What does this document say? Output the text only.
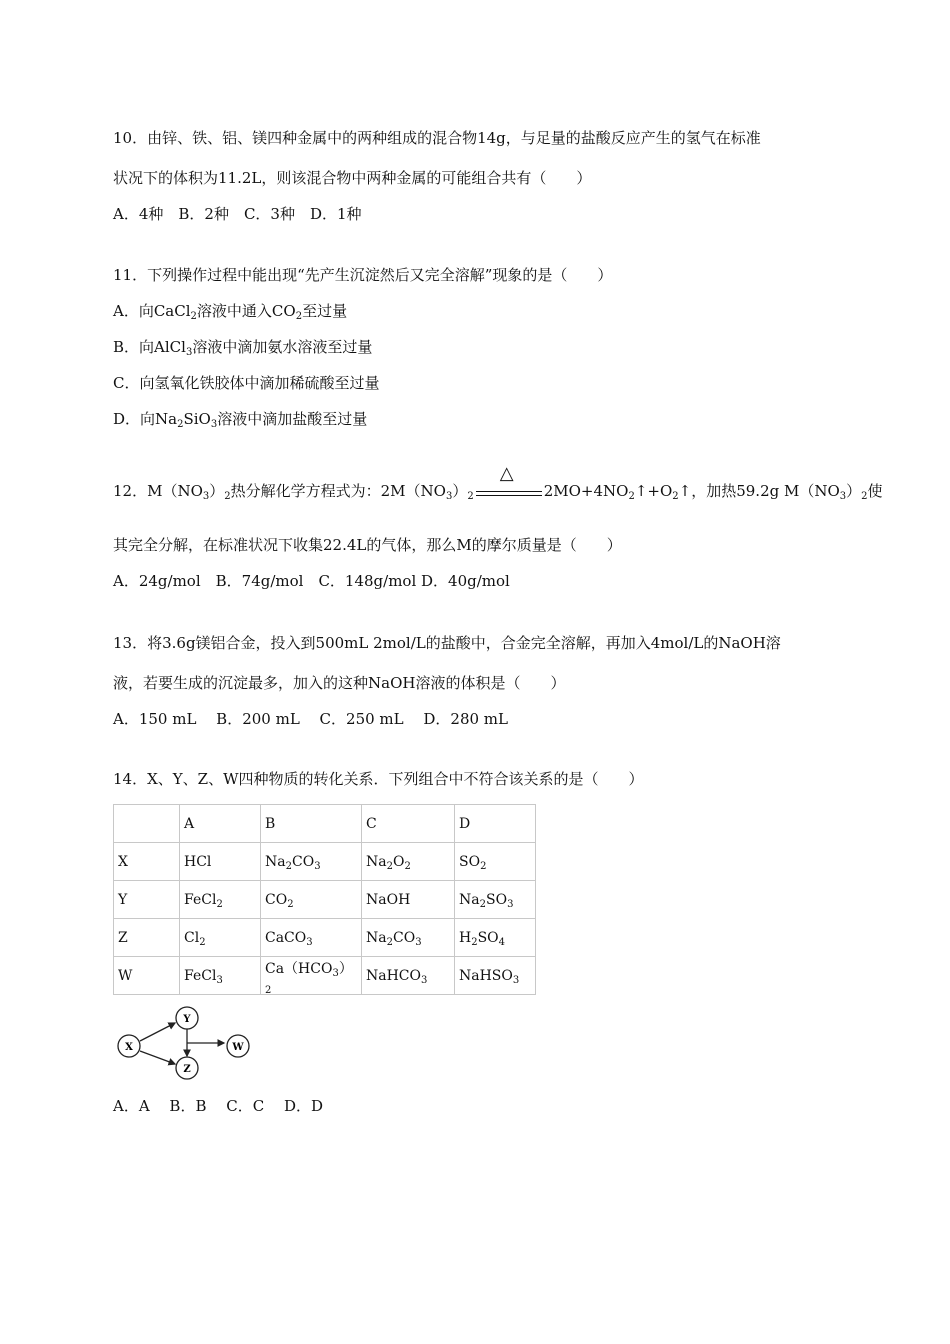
10．由锌、铁、铝、镁四种金属中的两种组成的混合物14g，与足量的盐酸反应产生的氢气在标准
状况下的体积为11.2L，则该混合物中两种金属的可能组合共有（　　）
A．4种　B．2种　C．3种　D．1种
11．下列操作过程中能出现“先产生沉淀然后又完全溶解”现象的是（　　）
A．向CaCl$_2$溶液中通入$CO_2$至过量
B．向AlCl$_3$溶液中滴加氨水溶液至过量
C．向氢氧化铁胶体中滴加稀硫酸至过量
D．向$Na_2SiO_3$溶液中滴加盐酸至过量
12．$M(NO_3)_2$热分解化学方程式为：$2M(NO_3)_2$
△
$2MO+4NO_2↑+O_2↑$，加热59.2g $M(NO_3)_2$使
其完全分解，在标准状况下收集22.4L的气体，那么M的摩尔质量是（　　）
A．24g/mol　B．74g/mol　C．148g/mol D．40g/mol
13．将3.6g镁铝合金，投入到500mL 2mol/L的盐酸中，合金完全溶解，再加入4mol/L的NaOH溶
液，若要生成的沉淀最多，加入的这种NaOH溶液的体积是（　　）
A．150 mL　 B．200 mL　 C．250 mL　 D．280 mL
14．X、Y、Z、W四种物质的转化关系．下列组合中不符合该关系的是（　　）
	A	B	C	D
X	HCl	$Na_2CO_3$	$Na_2O_2$	$SO_2$
Y	FeCl$_2$	$CO_2$	NaOH	$Na_2SO_3$
Z	$Cl_2$	CaCO$_3$	$Na_2CO_3$	$H_2SO_4$
W	FeCl$_3$	$Ca(HCO_3)_2$	NaHCO$_3$	NaHSO$_3$
X
Y
Z
W
A．A　 B．B　 C．C　 D．D
